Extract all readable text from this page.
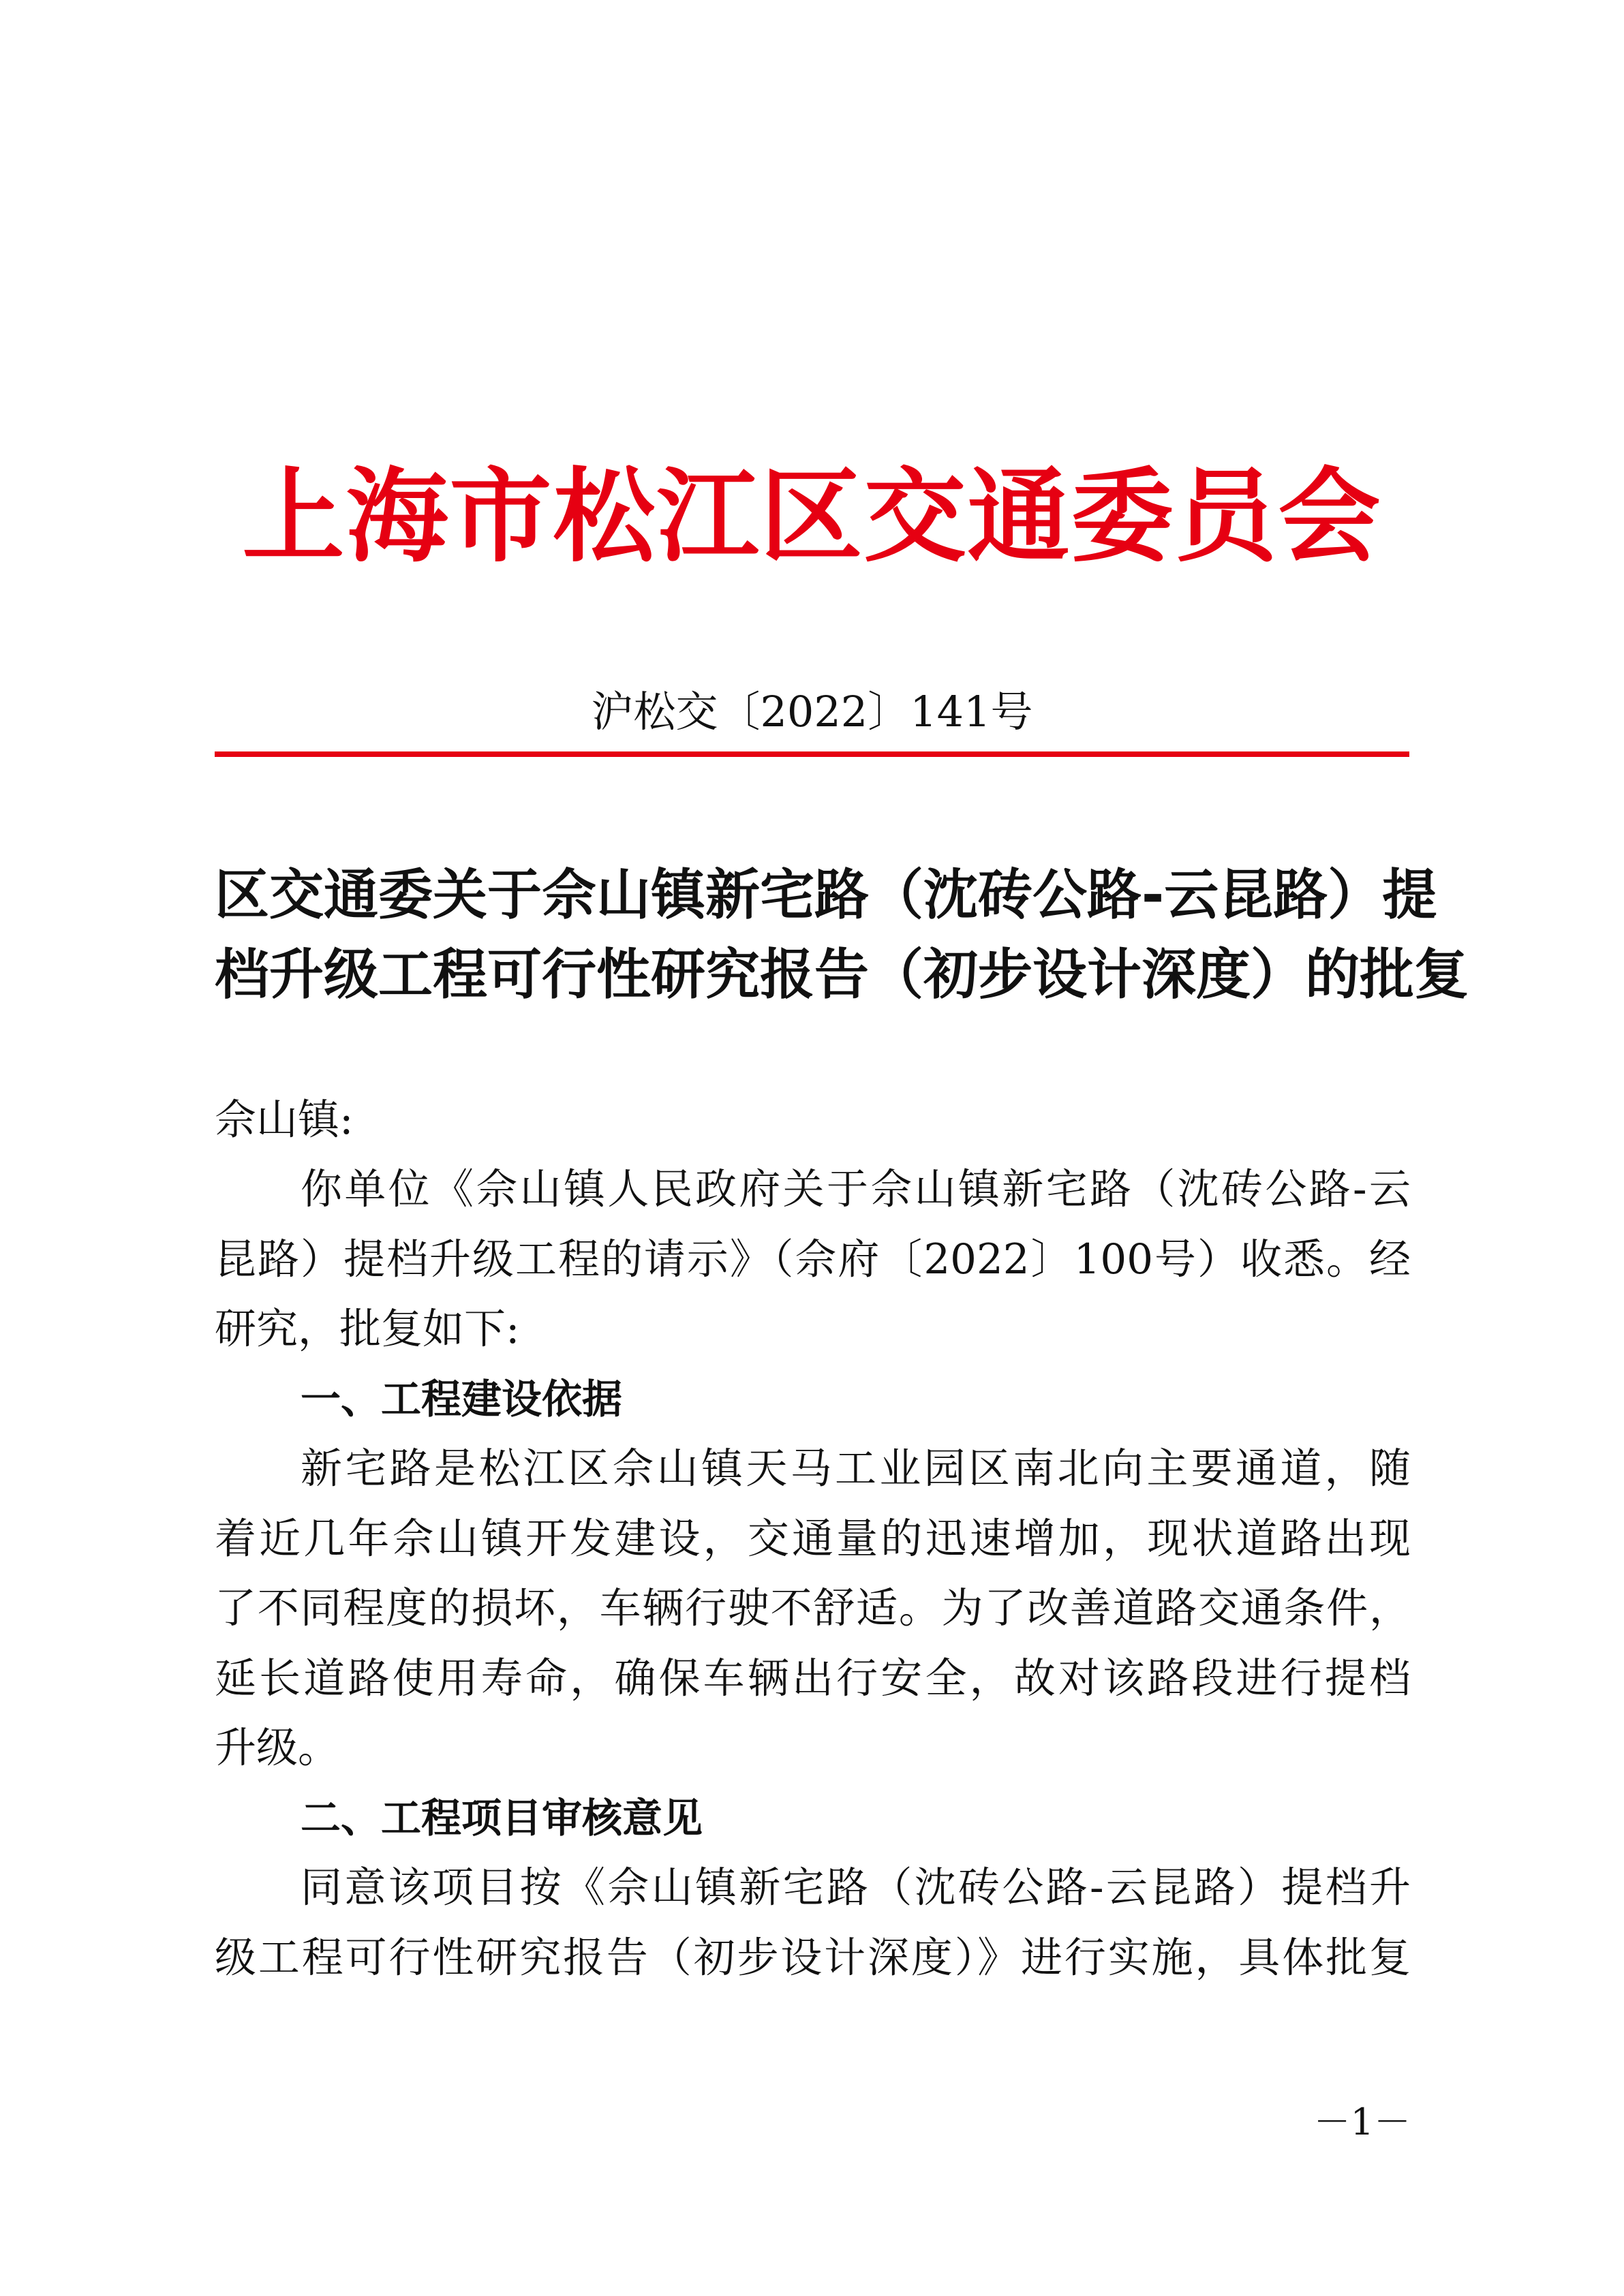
上海市松江区交通委员会
沪松交〔2022〕141号
区交通委关于佘山镇新宅路（沈砖公路-云昆路）提
档升级工程可行性研究报告（初步设计深度）的批复
佘山镇:
你单位《佘山镇人民政府关于佘山镇新宅路（沈砖公路-云
昆路）提档升级工程的请示》（佘府〔2022〕100号）收悉。经
研究，批复如下:
一、工程建设依据
新宅路是松江区佘山镇天马工业园区南北向主要通道，随
着近几年佘山镇开发建设，交通量的迅速增加，现状道路出现
了不同程度的损坏，车辆行驶不舒适。为了改善道路交通条件，
延长道路使用寿命，确保车辆出行安全，故对该路段进行提档
升级。
二、工程项目审核意见
同意该项目按《佘山镇新宅路（沈砖公路-云昆路）提档升
级工程可行性研究报告（初步设计深度）》进行实施，具体批复
－1－
